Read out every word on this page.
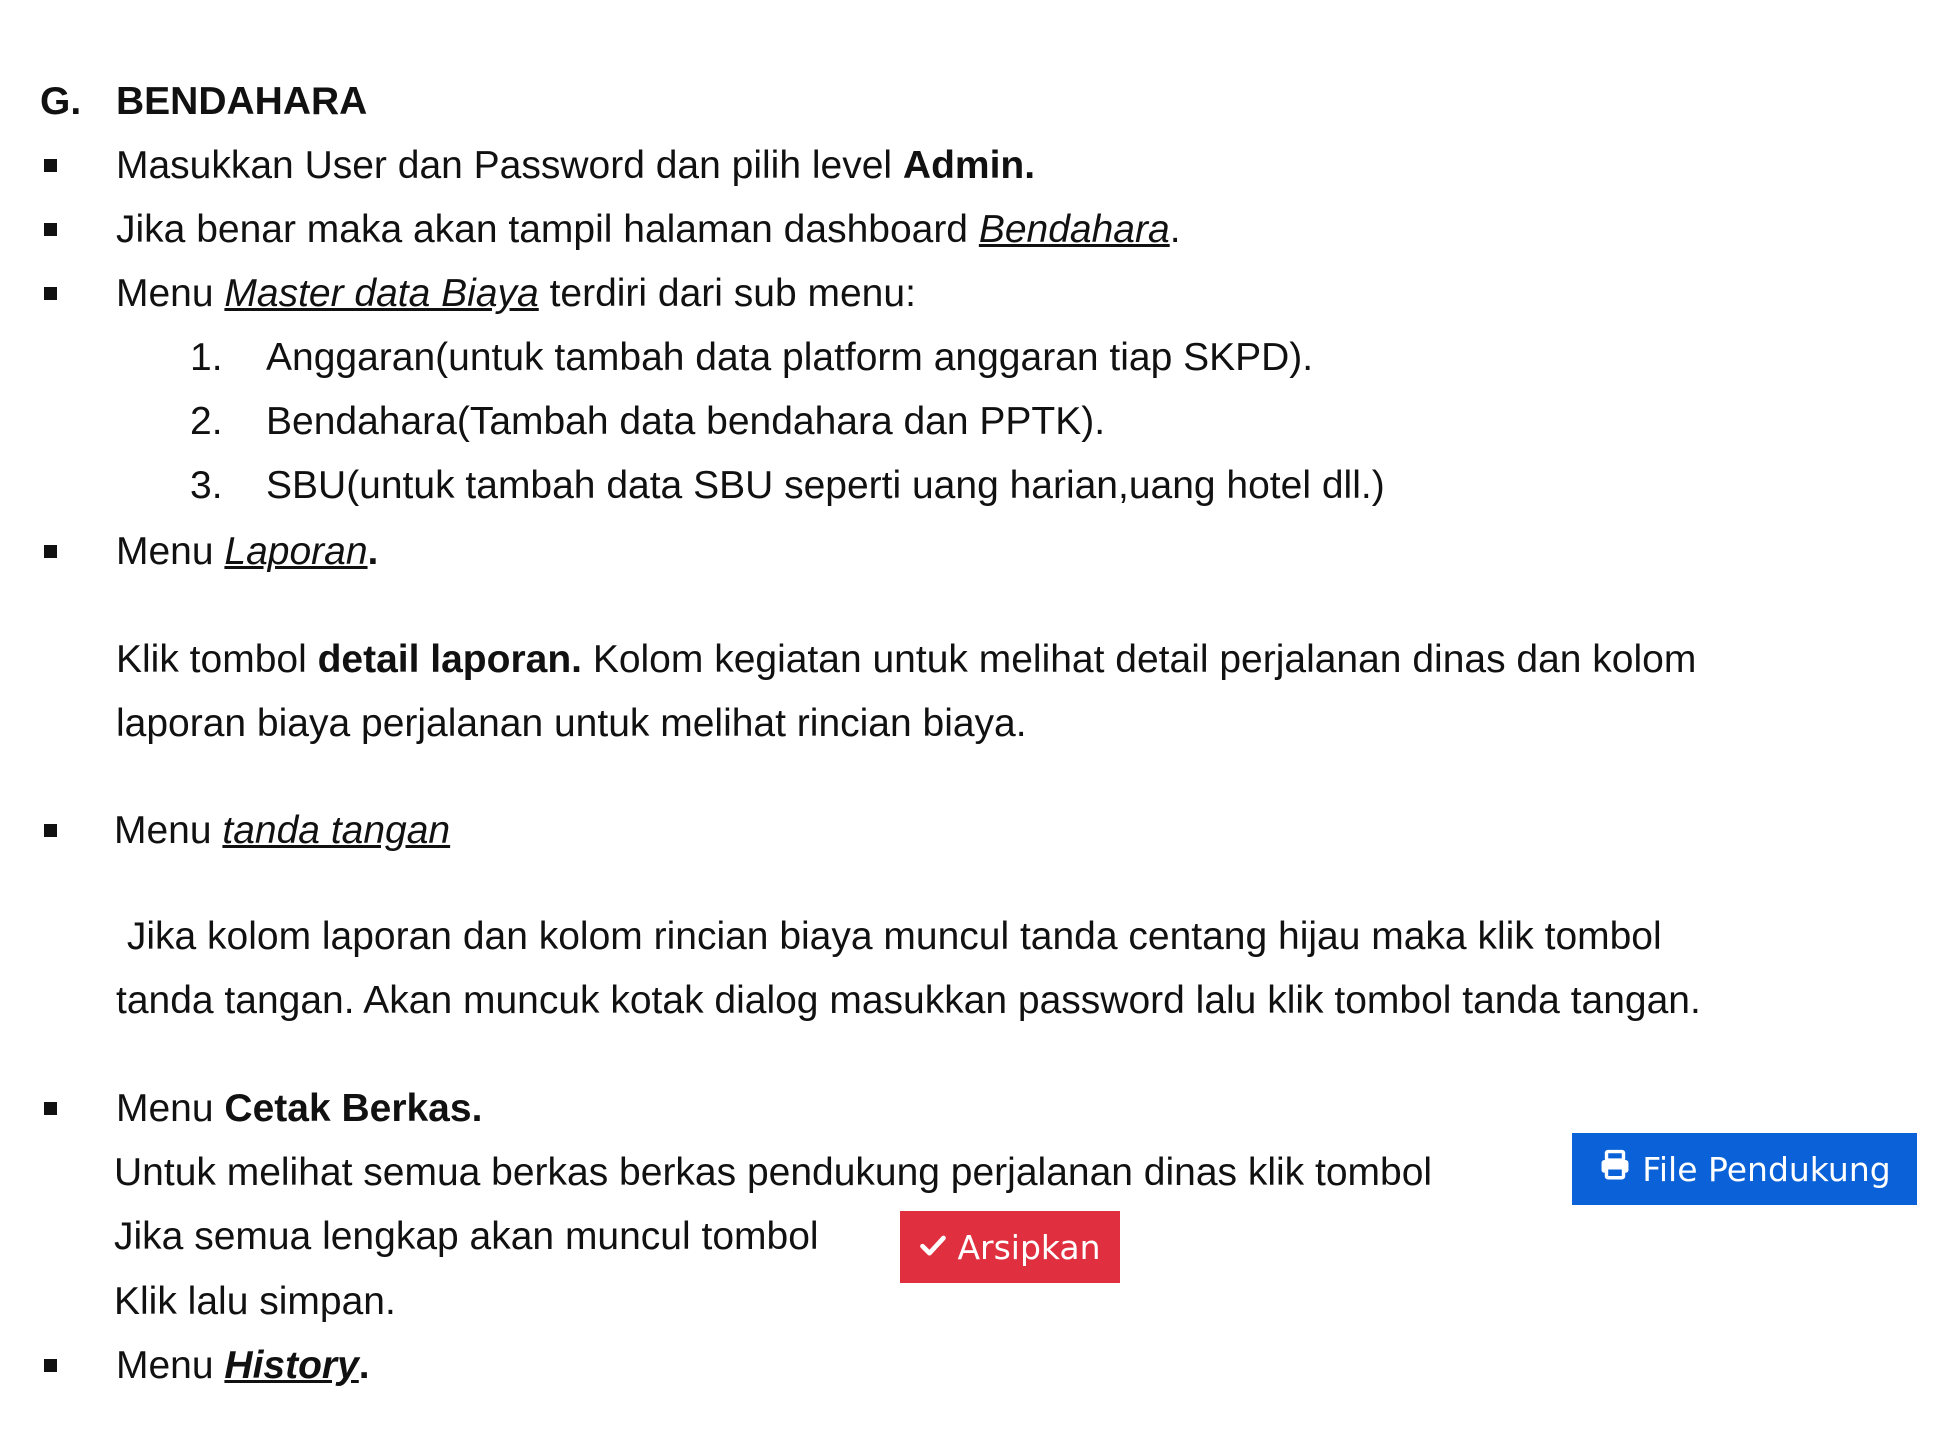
G. BENDAHARA
Masukkan User dan Password dan pilih level Admin.
Jika benar maka akan tampil halaman dashboard Bendahara.
Menu Master data Biaya terdiri dari sub menu:
1. Anggaran(untuk tambah data platform anggaran tiap SKPD).
2. Bendahara(Tambah data bendahara dan PPTK).
3. SBU(untuk tambah data SBU seperti uang harian,uang hotel dll.)
Menu Laporan.
Klik tombol detail laporan. Kolom kegiatan untuk melihat detail perjalanan dinas dan kolom
laporan biaya perjalanan untuk melihat rincian biaya.
Menu tanda tangan
Jika kolom laporan dan kolom rincian biaya muncul tanda centang hijau maka klik tombol
tanda tangan. Akan muncuk kotak dialog masukkan password lalu klik tombol tanda tangan.
Menu Cetak Berkas.
Untuk melihat semua berkas berkas pendukung perjalanan dinas klik tombol
Jika semua lengkap akan muncul tombol
Klik lalu simpan.
File Pendukung
Arsipkan
Menu History.
